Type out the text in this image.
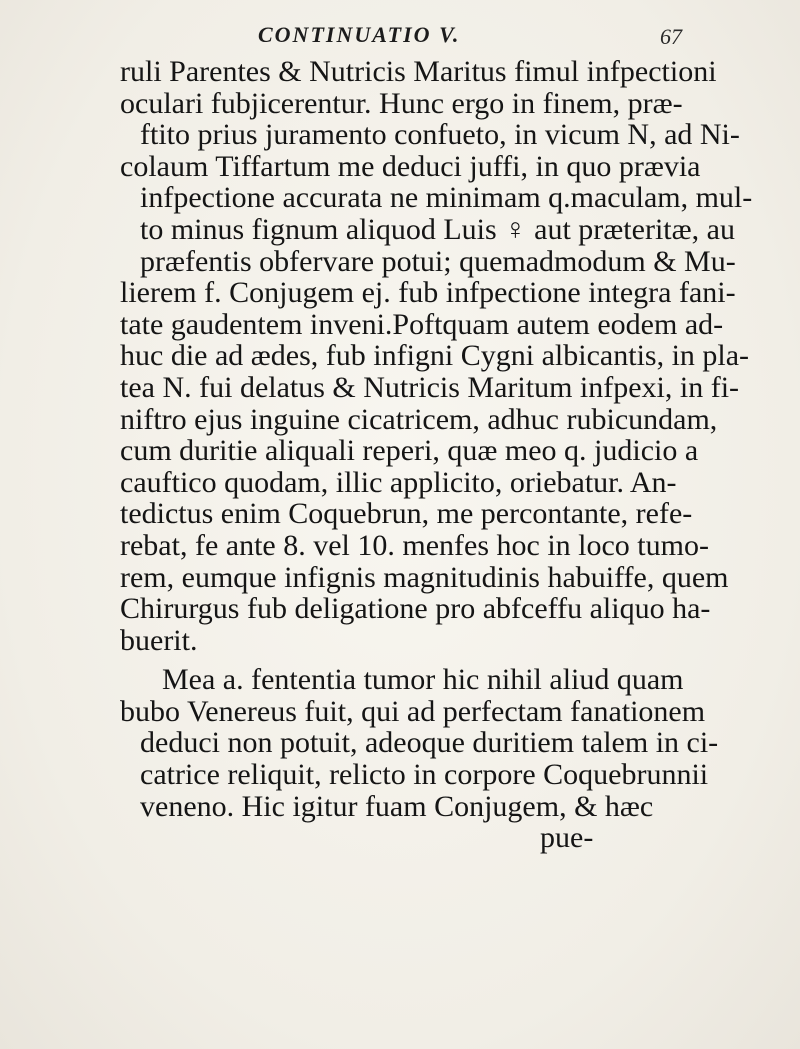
CONTINUATIO V.	67
ruli Parentes & Nutricis Maritus fimul infpectioni
oculari fubjicerentur. Hunc ergo in finem, præ-
ftito prius juramento confueto, in vicum N, ad Ni-
colaum Tiffartum me deduci juffi, in quo prævia
infpectione accurata ne minimam q.maculam, mul-
to minus fignum aliquod Luis ♀ aut præteritæ, au
præfentis obfervare potui; quemadmodum & Mu-
lierem f. Conjugem ej. fub infpectione integra fani-
tate gaudentem inveni.Poftquam autem eodem ad-
huc die ad ædes, fub infigni Cygni albicantis, in pla-
tea N. fui delatus & Nutricis Maritum infpexi, in fi-
niftro ejus inguine cicatricem, adhuc rubicundam,
cum duritie aliquali reperi, quæ meo q. judicio a
cauftico quodam, illic applicito, oriebatur. An-
tedictus enim Coquebrun, me percontante, refe-
rebat, fe ante 8. vel 10. menfes hoc in loco tumo-
rem, eumque infignis magnitudinis habuiffe, quem
Chirurgus fub deligatione pro abfceffu aliquo ha-
buerit.
Mea a. fententia tumor hic nihil aliud quam
bubo Venereus fuit, qui ad perfectam fanationem
deduci non potuit, adeoque duritiem talem in ci-
catrice reliquit, relicto in corpore Coquebrunnii
veneno. Hic igitur fuam Conjugem, & hæc
pue-
